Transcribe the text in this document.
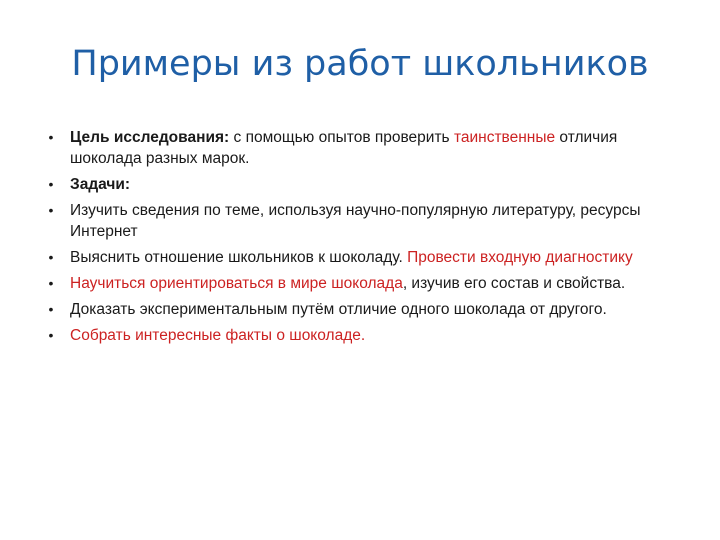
Примеры из работ школьников
• Цель исследования: с помощью опытов проверить таинственные отличия шоколада разных марок.
• Задачи:
• Изучить сведения по теме, используя научно-популярную литературу, ресурсы Интернет
• Выяснить отношение школьников к шоколаду. Провести входную диагностику
• Научиться ориентироваться в мире шоколада, изучив его состав и свойства.
• Доказать экспериментальным путём отличие одного шоколада от другого.
• Собрать интересные факты о шоколаде.
